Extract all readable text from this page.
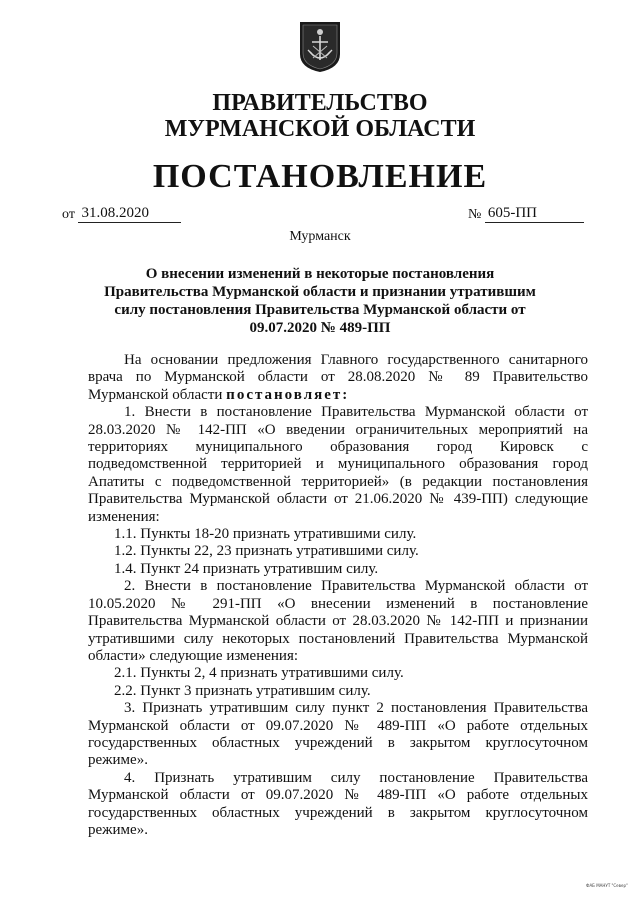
ПРАВИТЕЛЬСТВО
МУРМАНСКОЙ ОБЛАСТИ
ПОСТАНОВЛЕНИЕ
от 31.08.2020	№ 605-ПП
Мурманск
О внесении изменений в некоторые постановления Правительства Мурманской области и признании утратившим силу постановления Правительства Мурманской области от 09.07.2020 № 489-ПП

На основании предложения Главного государственного санитарного врача по Мурманской области от 28.08.2020 № 89 Правительство Мурманской области постановляет:

1. Внести в постановление Правительства Мурманской области от 28.03.2020 № 142-ПП «О введении ограничительных мероприятий на территориях муниципального образования город Кировск с подведомственной территорией и муниципального образования город Апатиты с подведомственной территорией» (в редакции постановления Правительства Мурманской области от 21.06.2020 № 439-ПП) следующие изменения:

1.1. Пункты 18-20 признать утратившими силу.

1.2. Пункты 22, 23 признать утратившими силу.

1.4. Пункт 24 признать утратившим силу.

2. Внести в постановление Правительства Мурманской области от 10.05.2020 № 291-ПП «О внесении изменений в постановление Правительства Мурманской области от 28.03.2020 № 142-ПП и признании утратившими силу некоторых постановлений Правительства Мурманской области» следующие изменения:

2.1. Пункты 2, 4 признать утратившими силу.

2.2. Пункт 3 признать утратившим силу.

3. Признать утратившим силу пункт 2 постановления Правительства Мурманской области от 09.07.2020 № 489-ПП «О работе отдельных государственных областных учреждений в закрытом круглосуточном режиме».

4. Признать утратившим силу постановление Правительства Мурманской области от 09.07.2020 № 489-ПП «О работе отдельных государственных областных учреждений в закрытом круглосуточном режиме».

ФАБ МАНУТ "Север"
